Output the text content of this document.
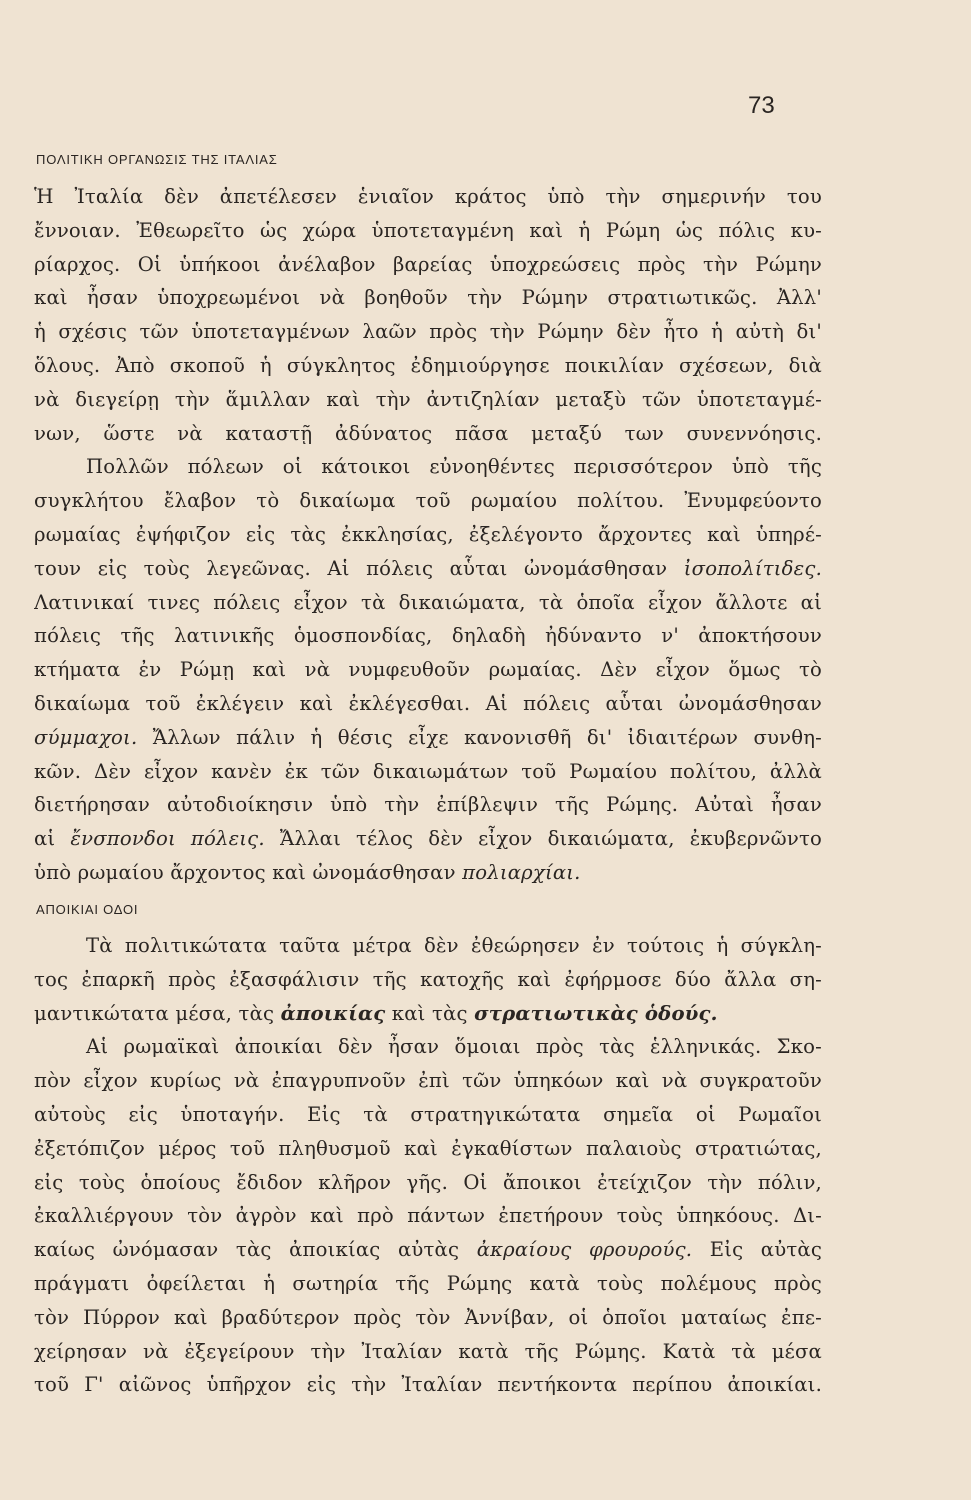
73
ΠΟΛΙΤΙΚΗ ΟΡΓΑΝΩΣΙΣ ΤΗΣ ΙΤΑΛΙΑΣ
Ἡ Ἰταλία δὲν ἀπετέλεσεν ἑνιαῖον κράτος ὑπὸ τὴν σημερινήν του
ἔννοιαν. Ἐθεωρεῖτο ὡς χώρα ὑποτεταγμένη καὶ ἡ Ρώμη ὡς πόλις κυ-
ρίαρχος. Οἱ ὑπήκοοι ἀνέλαβον βαρείας ὑποχρεώσεις πρὸς τὴν Ρώμην
καὶ ἦσαν ὑποχρεωμένοι νὰ βοηθοῦν τὴν Ρώμην στρατιωτικῶς. Ἀλλ'
ἡ σχέσις τῶν ὑποτεταγμένων λαῶν πρὸς τὴν Ρώμην δὲν ἦτο ἡ αὐτὴ δι'
ὅλους. Ἀπὸ σκοποῦ ἡ σύγκλητος ἐδημιούργησε ποικιλίαν σχέσεων, διὰ
νὰ διεγείρῃ τὴν ἅμιλλαν καὶ τὴν ἀντιζηλίαν μεταξὺ τῶν ὑποτεταγμέ-
νων, ὥστε νὰ καταστῇ ἀδύνατος πᾶσα μεταξύ των συνεννόησις.
Πολλῶν πόλεων οἱ κάτοικοι εὐνοηθέντες περισσότερον ὑπὸ τῆς
συγκλήτου ἔλαβον τὸ δικαίωμα τοῦ ρωμαίου πολίτου. Ἐνυμφεύοντο
ρωμαίας ἐψήφιζον εἰς τὰς ἐκκλησίας, ἐξελέγοντο ἄρχοντες καὶ ὑπηρέ-
τουν εἰς τοὺς λεγεῶνας. Αἱ πόλεις αὗται ὠνομάσθησαν ἰσοπολίτιδες.
Λατινικαί τινες πόλεις εἶχον τὰ δικαιώματα, τὰ ὁποῖα εἶχον ἄλλοτε αἱ
πόλεις τῆς λατινικῆς ὁμοσπονδίας, δηλαδὴ ἠδύναντο ν' ἀποκτήσουν
κτήματα ἐν Ρώμῃ καὶ νὰ νυμφευθοῦν ρωμαίας. Δὲν εἶχον ὅμως τὸ
δικαίωμα τοῦ ἐκλέγειν καὶ ἐκλέγεσθαι. Αἱ πόλεις αὗται ὠνομάσθησαν
σύμμαχοι. Ἄλλων πάλιν ἡ θέσις εἶχε κανονισθῆ δι' ἰδιαιτέρων συνθη-
κῶν. Δὲν εἶχον κανὲν ἐκ τῶν δικαιωμάτων τοῦ Ρωμαίου πολίτου, ἀλλὰ
διετήρησαν αὐτοδιοίκησιν ὑπὸ τὴν ἐπίβλεψιν τῆς Ρώμης. Αὐταὶ ἦσαν
αἱ ἔνσπονδοι πόλεις. Ἄλλαι τέλος δὲν εἶχον δικαιώματα, ἐκυβερνῶντο
ὑπὸ ρωμαίου ἄρχοντος καὶ ὠνομάσθησαν πολιαρχίαι.
ΑΠΟΙΚΙΑΙ ΟΔΟΙ
Τὰ πολιτικώτατα ταῦτα μέτρα δὲν ἐθεώρησεν ἐν τούτοις ἡ σύγκλη-
τος ἐπαρκῆ πρὸς ἐξασφάλισιν τῆς κατοχῆς καὶ ἐφήρμοσε δύο ἄλλα ση-
μαντικώτατα μέσα, τὰς ἀποικίας καὶ τὰς στρατιωτικὰς ὁδούς.
Αἱ ρωμαϊκαὶ ἀποικίαι δὲν ἦσαν ὅμοιαι πρὸς τὰς ἑλληνικάς. Σκο-
πὸν εἶχον κυρίως νὰ ἐπαγρυπνοῦν ἐπὶ τῶν ὑπηκόων καὶ νὰ συγκρατοῦν
αὐτοὺς εἰς ὑποταγήν. Εἰς τὰ στρατηγικώτατα σημεῖα οἱ Ρωμαῖοι
ἐξετόπιζον μέρος τοῦ πληθυσμοῦ καὶ ἐγκαθίστων παλαιοὺς στρατιώτας,
εἰς τοὺς ὁποίους ἔδιδον κλῆρον γῆς. Οἱ ἄποικοι ἐτείχιζον τὴν πόλιν,
ἐκαλλιέργουν τὸν ἀγρὸν καὶ πρὸ πάντων ἐπετήρουν τοὺς ὑπηκόους. Δι-
καίως ὠνόμασαν τὰς ἀποικίας αὐτὰς ἀκραίους φρουρούς. Εἰς αὐτὰς
πράγματι ὀφείλεται ἡ σωτηρία τῆς Ρώμης κατὰ τοὺς πολέμους πρὸς
τὸν Πύρρον καὶ βραδύτερον πρὸς τὸν Ἀννίβαν, οἱ ὁποῖοι ματαίως ἐπε-
χείρησαν νὰ ἐξεγείρουν τὴν Ἰταλίαν κατὰ τῆς Ρώμης. Κατὰ τὰ μέσα
τοῦ Γ' αἰῶνος ὑπῆρχον εἰς τὴν Ἰταλίαν πεντήκοντα περίπου ἀποικίαι.
